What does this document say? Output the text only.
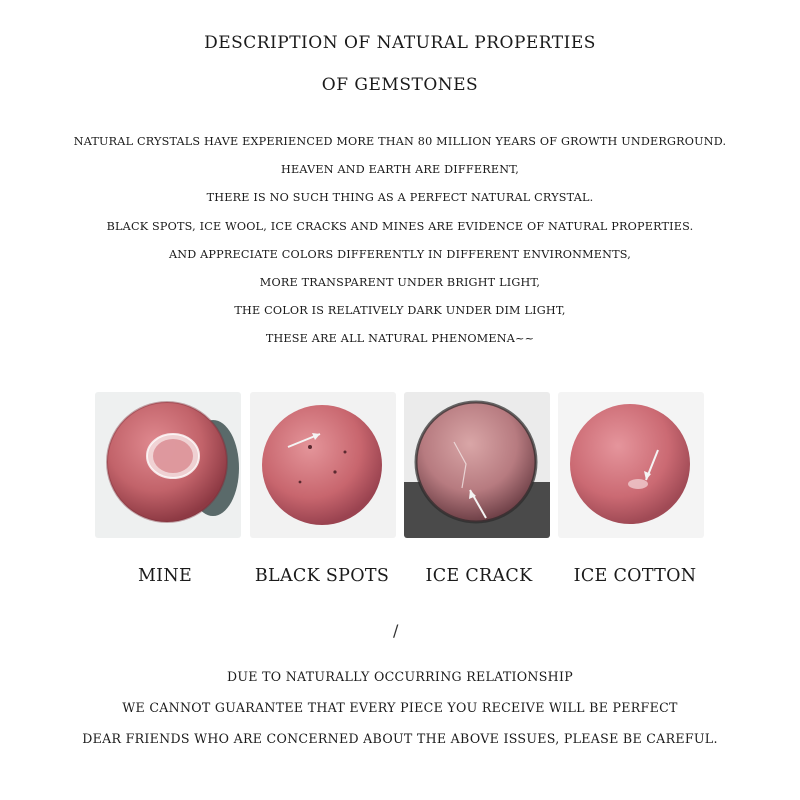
DESCRIPTION OF NATURAL PROPERTIES
OF GEMSTONES
NATURAL CRYSTALS HAVE EXPERIENCED MORE THAN 80 MILLION YEARS OF GROWTH UNDERGROUND.
HEAVEN AND EARTH ARE DIFFERENT,
THERE IS NO SUCH THING AS A PERFECT NATURAL CRYSTAL.
BLACK SPOTS, ICE WOOL, ICE CRACKS AND MINES ARE EVIDENCE OF NATURAL PROPERTIES.
AND APPRECIATE COLORS DIFFERENTLY IN DIFFERENT ENVIRONMENTS,
MORE TRANSPARENT UNDER BRIGHT LIGHT,
THE COLOR IS RELATIVELY DARK UNDER DIM LIGHT,
THESE ARE ALL NATURAL PHENOMENA~~
MINE	BLACK SPOTS	ICE CRACK	ICE COTTON
/
DUE TO NATURALLY OCCURRING RELATIONSHIP
WE CANNOT GUARANTEE THAT EVERY PIECE YOU RECEIVE WILL BE PERFECT
DEAR FRIENDS WHO ARE CONCERNED ABOUT THE ABOVE ISSUES, PLEASE BE CAREFUL.
